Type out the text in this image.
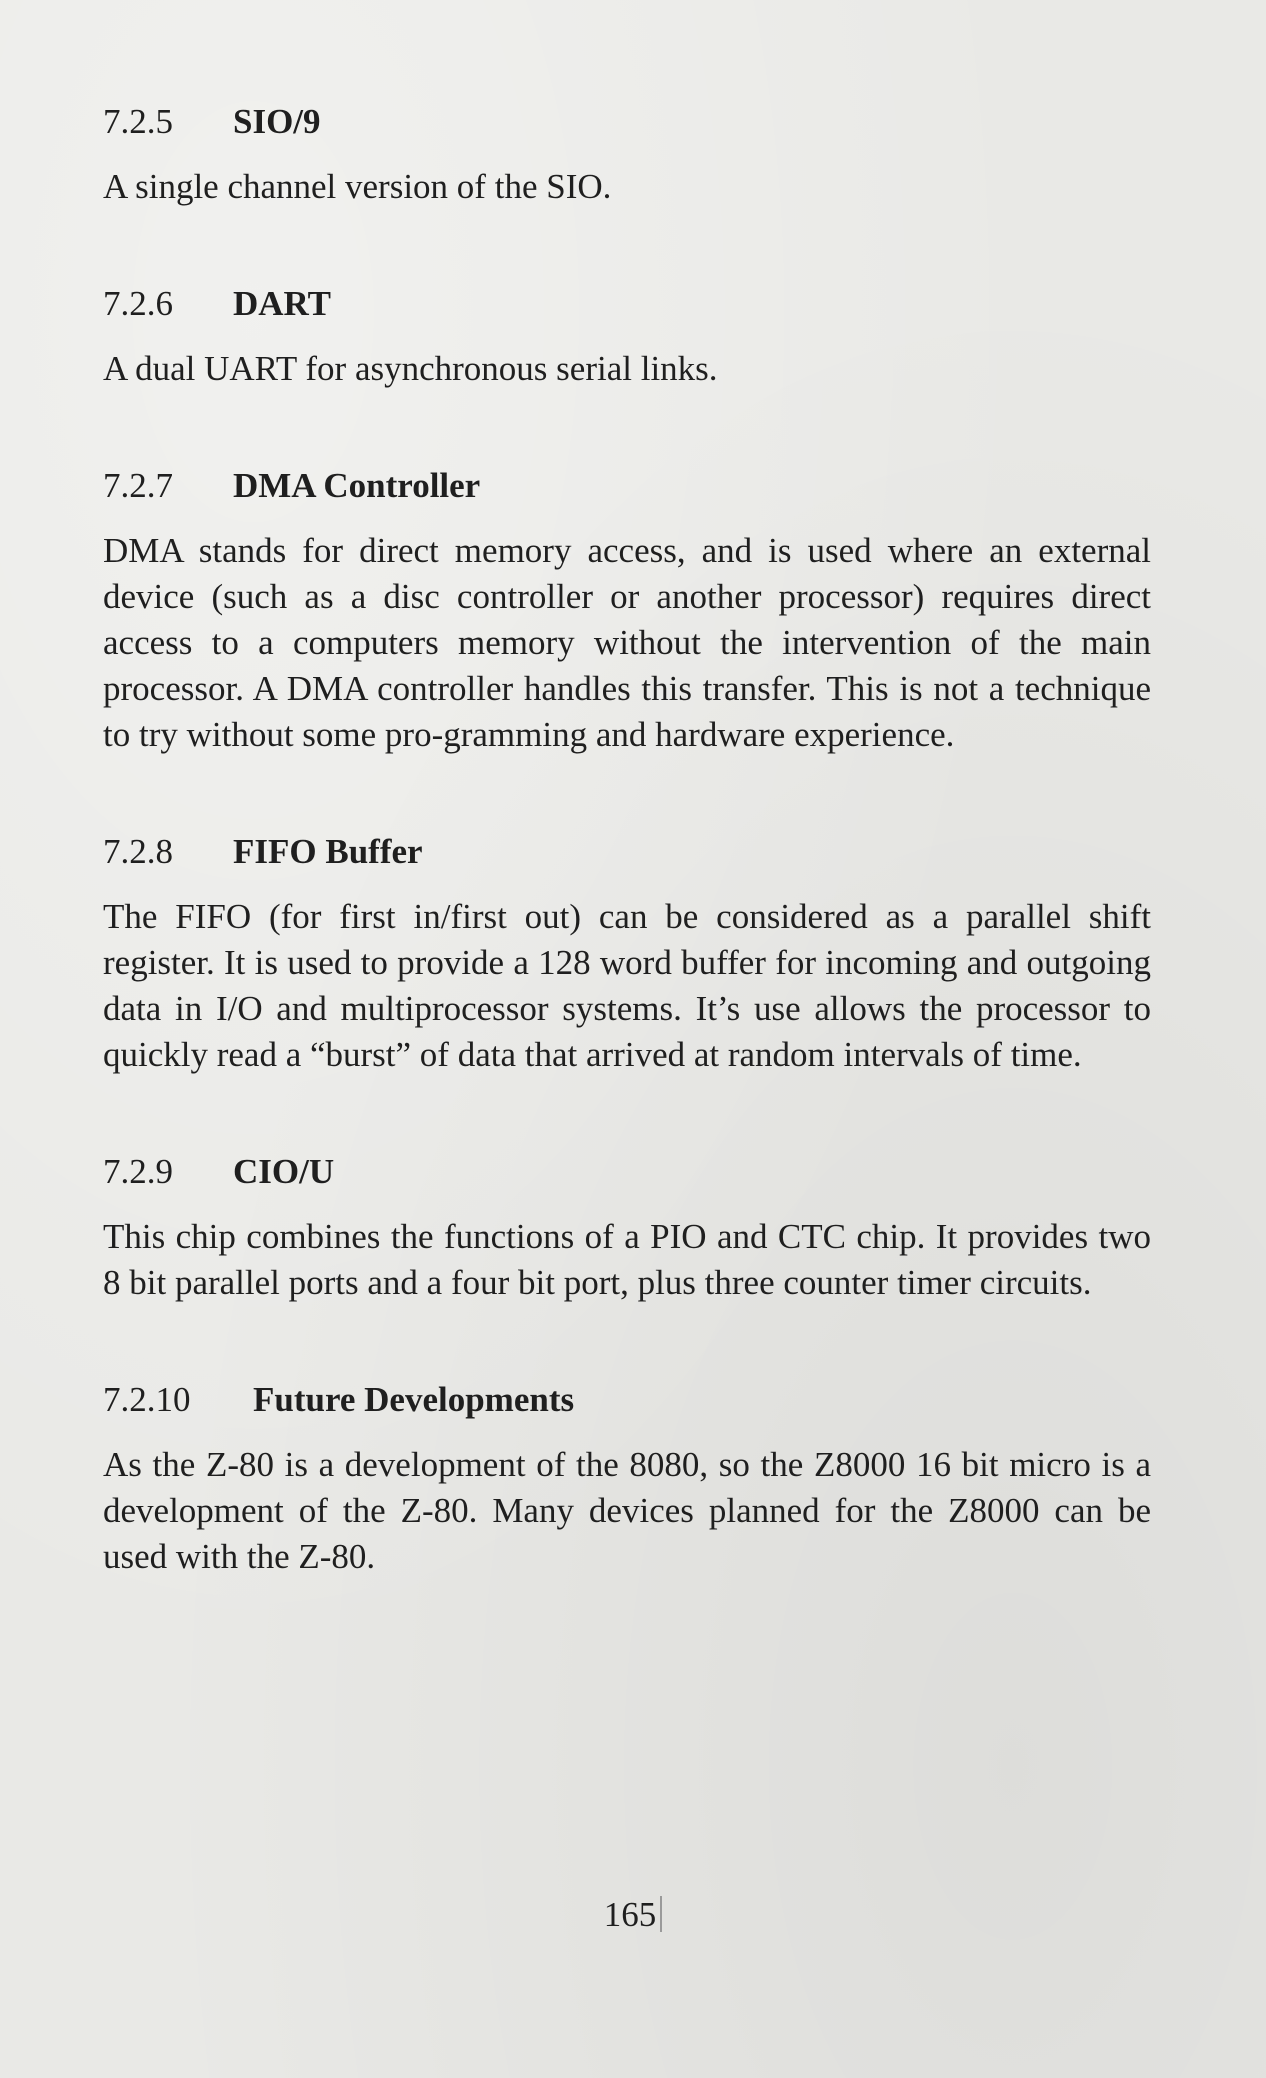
7.2.5 SIO/9

A single channel version of the SIO.

7.2.6 DART

A dual UART for asynchronous serial links.

7.2.7 DMA Controller

DMA stands for direct memory access, and is used where an external device (such as a disc controller or another processor) requires direct access to a computers memory without the intervention of the main processor. A DMA controller handles this transfer. This is not a technique to try without some pro-gramming and hardware experience.

7.2.8 FIFO Buffer

The FIFO (for first in/first out) can be considered as a parallel shift register. It is used to provide a 128 word buffer for incoming and outgoing data in I/O and multiprocessor systems. It’s use allows the processor to quickly read a “burst” of data that arrived at random intervals of time.

7.2.9 CIO/U

This chip combines the functions of a PIO and CTC chip. It provides two 8 bit parallel ports and a four bit port, plus three counter timer circuits.

7.2.10 Future Developments

As the Z-80 is a development of the 8080, so the Z8000 16 bit micro is a development of the Z-80. Many devices planned for the Z8000 can be used with the Z-80.

165
